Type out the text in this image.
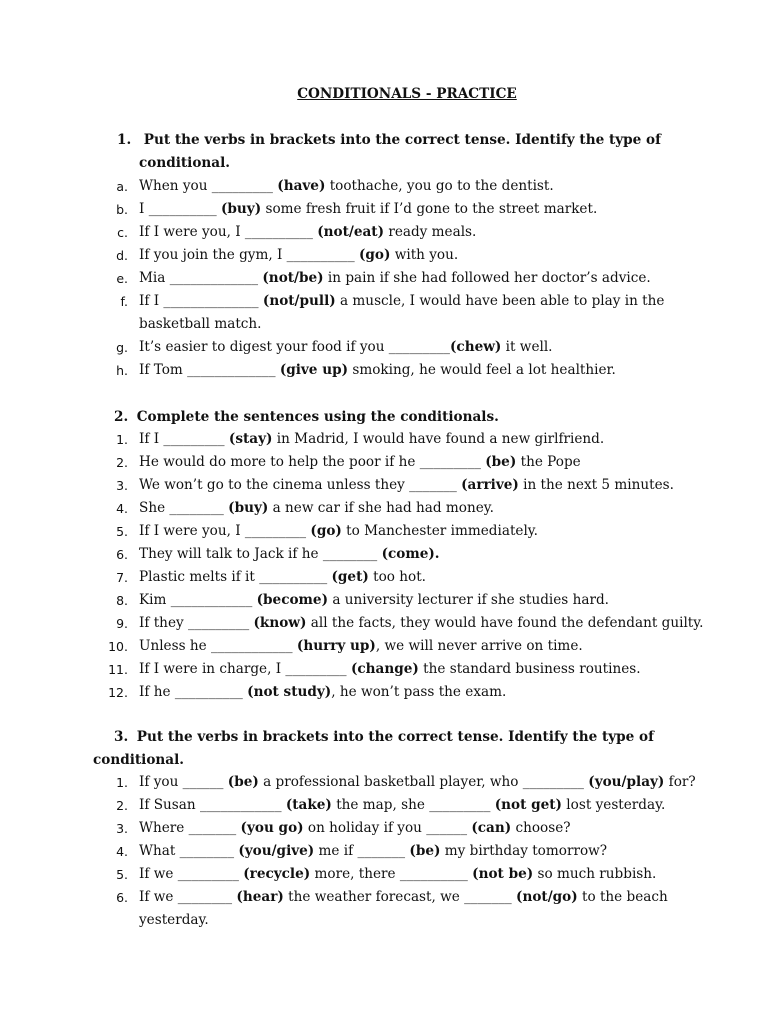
CONDITIONALS - PRACTICE
1. Put the verbs in brackets into the correct tense. Identify the type of
conditional.
a. When you _________ (have) toothache, you go to the dentist.
b. I __________ (buy) some fresh fruit if I’d gone to the street market.
c. If I were you, I __________ (not/eat) ready meals.
d. If you join the gym, I __________ (go) with you.
e. Mia _____________ (not/be) in pain if she had followed her doctor’s advice.
f. If I ______________ (not/pull) a muscle, I would have been able to play in the
basketball match.
g. It’s easier to digest your food if you _________(chew) it well.
h. If Tom _____________ (give up) smoking, he would feel a lot healthier.
2. Complete the sentences using the conditionals.
1. If I _________ (stay) in Madrid, I would have found a new girlfriend.
2. He would do more to help the poor if he _________ (be) the Pope
3. We won’t go to the cinema unless they _______ (arrive) in the next 5 minutes.
4. She ________ (buy) a new car if she had had money.
5. If I were you, I _________ (go) to Manchester immediately.
6. They will talk to Jack if he ________ (come).
7. Plastic melts if it __________ (get) too hot.
8. Kim ____________ (become) a university lecturer if she studies hard.
9. If they _________ (know) all the facts, they would have found the defendant guilty.
10. Unless he ____________ (hurry up), we will never arrive on time.
11. If I were in charge, I _________ (change) the standard business routines.
12. If he __________ (not study), he won’t pass the exam.
3. Put the verbs in brackets into the correct tense. Identify the type of
conditional.
1. If you ______ (be) a professional basketball player, who _________ (you/play) for?
2. If Susan ____________ (take) the map, she _________ (not get) lost yesterday.
3. Where _______ (you go) on holiday if you ______ (can) choose?
4. What ________ (you/give) me if _______ (be) my birthday tomorrow?
5. If we _________ (recycle) more, there __________ (not be) so much rubbish.
6. If we ________ (hear) the weather forecast, we _______ (not/go) to the beach
yesterday.
